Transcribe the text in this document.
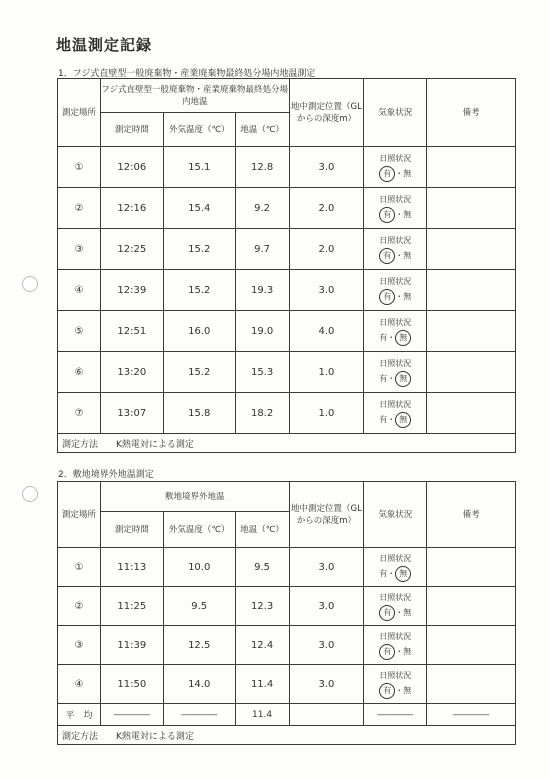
地温測定記録
1．フジ式直壁型一般廃棄物・産業廃棄物最終処分場内地温測定
測定場所	フジ式直壁型一般廃棄物・産業廃棄物最終処分場内地温			地中測定位置（GLからの深度m）	気象状況	備考
	測定時間	外気温度（℃）	地温（℃）			
①	12:06	15.1	12.8	3.0	日照状況
有 ・無	

②	12:16	15.4	9.2	2.0	日照状況
有 ・無	

③	12:25	15.2	9.7	2.0	日照状況
有 ・無	

④	12:39	15.2	19.3	3.0	日照状況
有 ・無	

⑤	12:51	16.0	19.0	4.0	日照状況
有・ 無	

⑥	13:20	15.2	15.3	1.0	日照状況
有・ 無	

⑦	13:07	15.8	18.2	1.0	日照状況
有・ 無	

測定方法　　 K熱電対による測定						
2．敷地境界外地温測定
測定場所	敷地境界外地温			地中測定位置（GLからの深度m）	気象状況	備考
	測定時間	外気温度（℃）	地温（℃）			
①	11:13	10.0	9.5	3.0	日照状況
有・ 無	

②	11:25	9.5	12.3	3.0	日照状況
有 ・無	

③	11:39	12.5	12.4	3.0	日照状況
有 ・無	

④	11:50	14.0	11.4	3.0	日照状況
有 ・無	

平　均	――――	――――	11.4		――――	――――
測定方法　　 K熱電対による測定						
